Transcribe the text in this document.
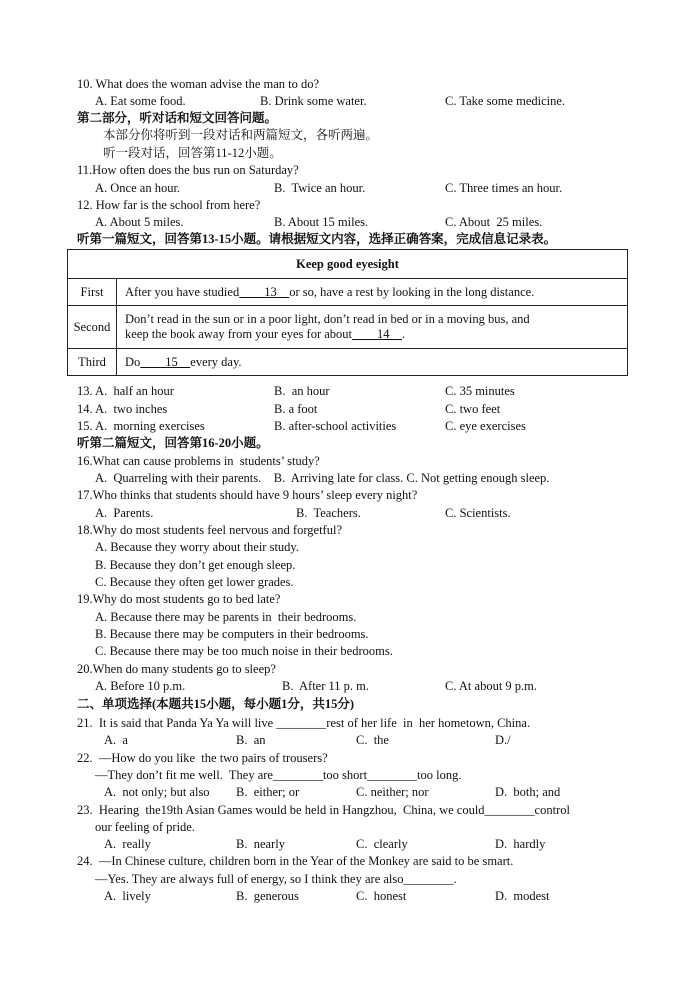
10. What does the woman advise the man to do?
A. Eat some food.	B. Drink some water.	C. Take some medicine.
第二部分，听对话和短文回答问题。
本部分你将听到一段对话和两篇短文，各听两遍。
听一段对话，回答第11-12小题。
11.How often does the bus run on Saturday?
A. Once an hour.	B.  Twice an hour.	C. Three times an hour.
12. How far is the school from here?
A. About 5 miles.	B. About 15 miles.	C. About  25 miles.
听第一篇短文，回答第13-15小题。请根据短文内容，选择正确答案，完成信息记录表。
Keep good eyesight	
First	After you have studied   13  or so, have a rest by looking in the long distance.
Second	Don’t read in the sun or in a poor light, don’t read in bed or in a moving bus, and
keep the book away from your eyes for about   14  .
Third	Do   15  every day.
13. A.  half an hour	B.  an hour	C. 35 minutes
14. A.  two inches	B. a foot	C. two feet
15. A.  morning exercises	B. after-school activities	C. eye exercises
听第二篇短文，回答第16-20小题。
16.What can cause problems in  students’ study?
A.  Quarreling with their parents.    B.  Arriving late for class. C. Not getting enough sleep.
17.Who thinks that students should have 9 hours’ sleep every night?
A.  Parents.	B.  Teachers.	C. Scientists.
18.Why do most students feel nervous and forgetful?
A. Because they worry about their study.
B. Because they don’t get enough sleep.
C. Because they often get lower grades.
19.Why do most students go to bed late?
A. Because there may be parents in  their bedrooms.
B. Because there may be computers in their bedrooms.
C. Because there may be too much noise in their bedrooms.
20.When do many students go to sleep?
A. Before 10 p.m.	B.  After 11 p. m.	C. At about 9 p.m.
二、单项选择(本题共15小题，每小题1分，共15分)
21.  It is said that Panda Ya Ya will live ________rest of her life  in  her hometown, China.
A.  a	B.  an	C.  the	D./
22.  —How do you like  the two pairs of trousers?
—They don’t fit me well.  They are________too short________too long.
A.  not only; but also B.  either; or	C. neither; nor	D.  both; and
23.  Hearing  the19th Asian Games would be held in Hangzhou,  China, we could________control
our feeling of pride.
A.  really	B.  nearly	C.  clearly	D.  hardly
24.  —In Chinese culture, children born in the Year of the Monkey are said to be smart.
—Yes. They are always full of energy, so I think they are also________.
A.  lively	B.  generous	C.  honest	D.  modest
